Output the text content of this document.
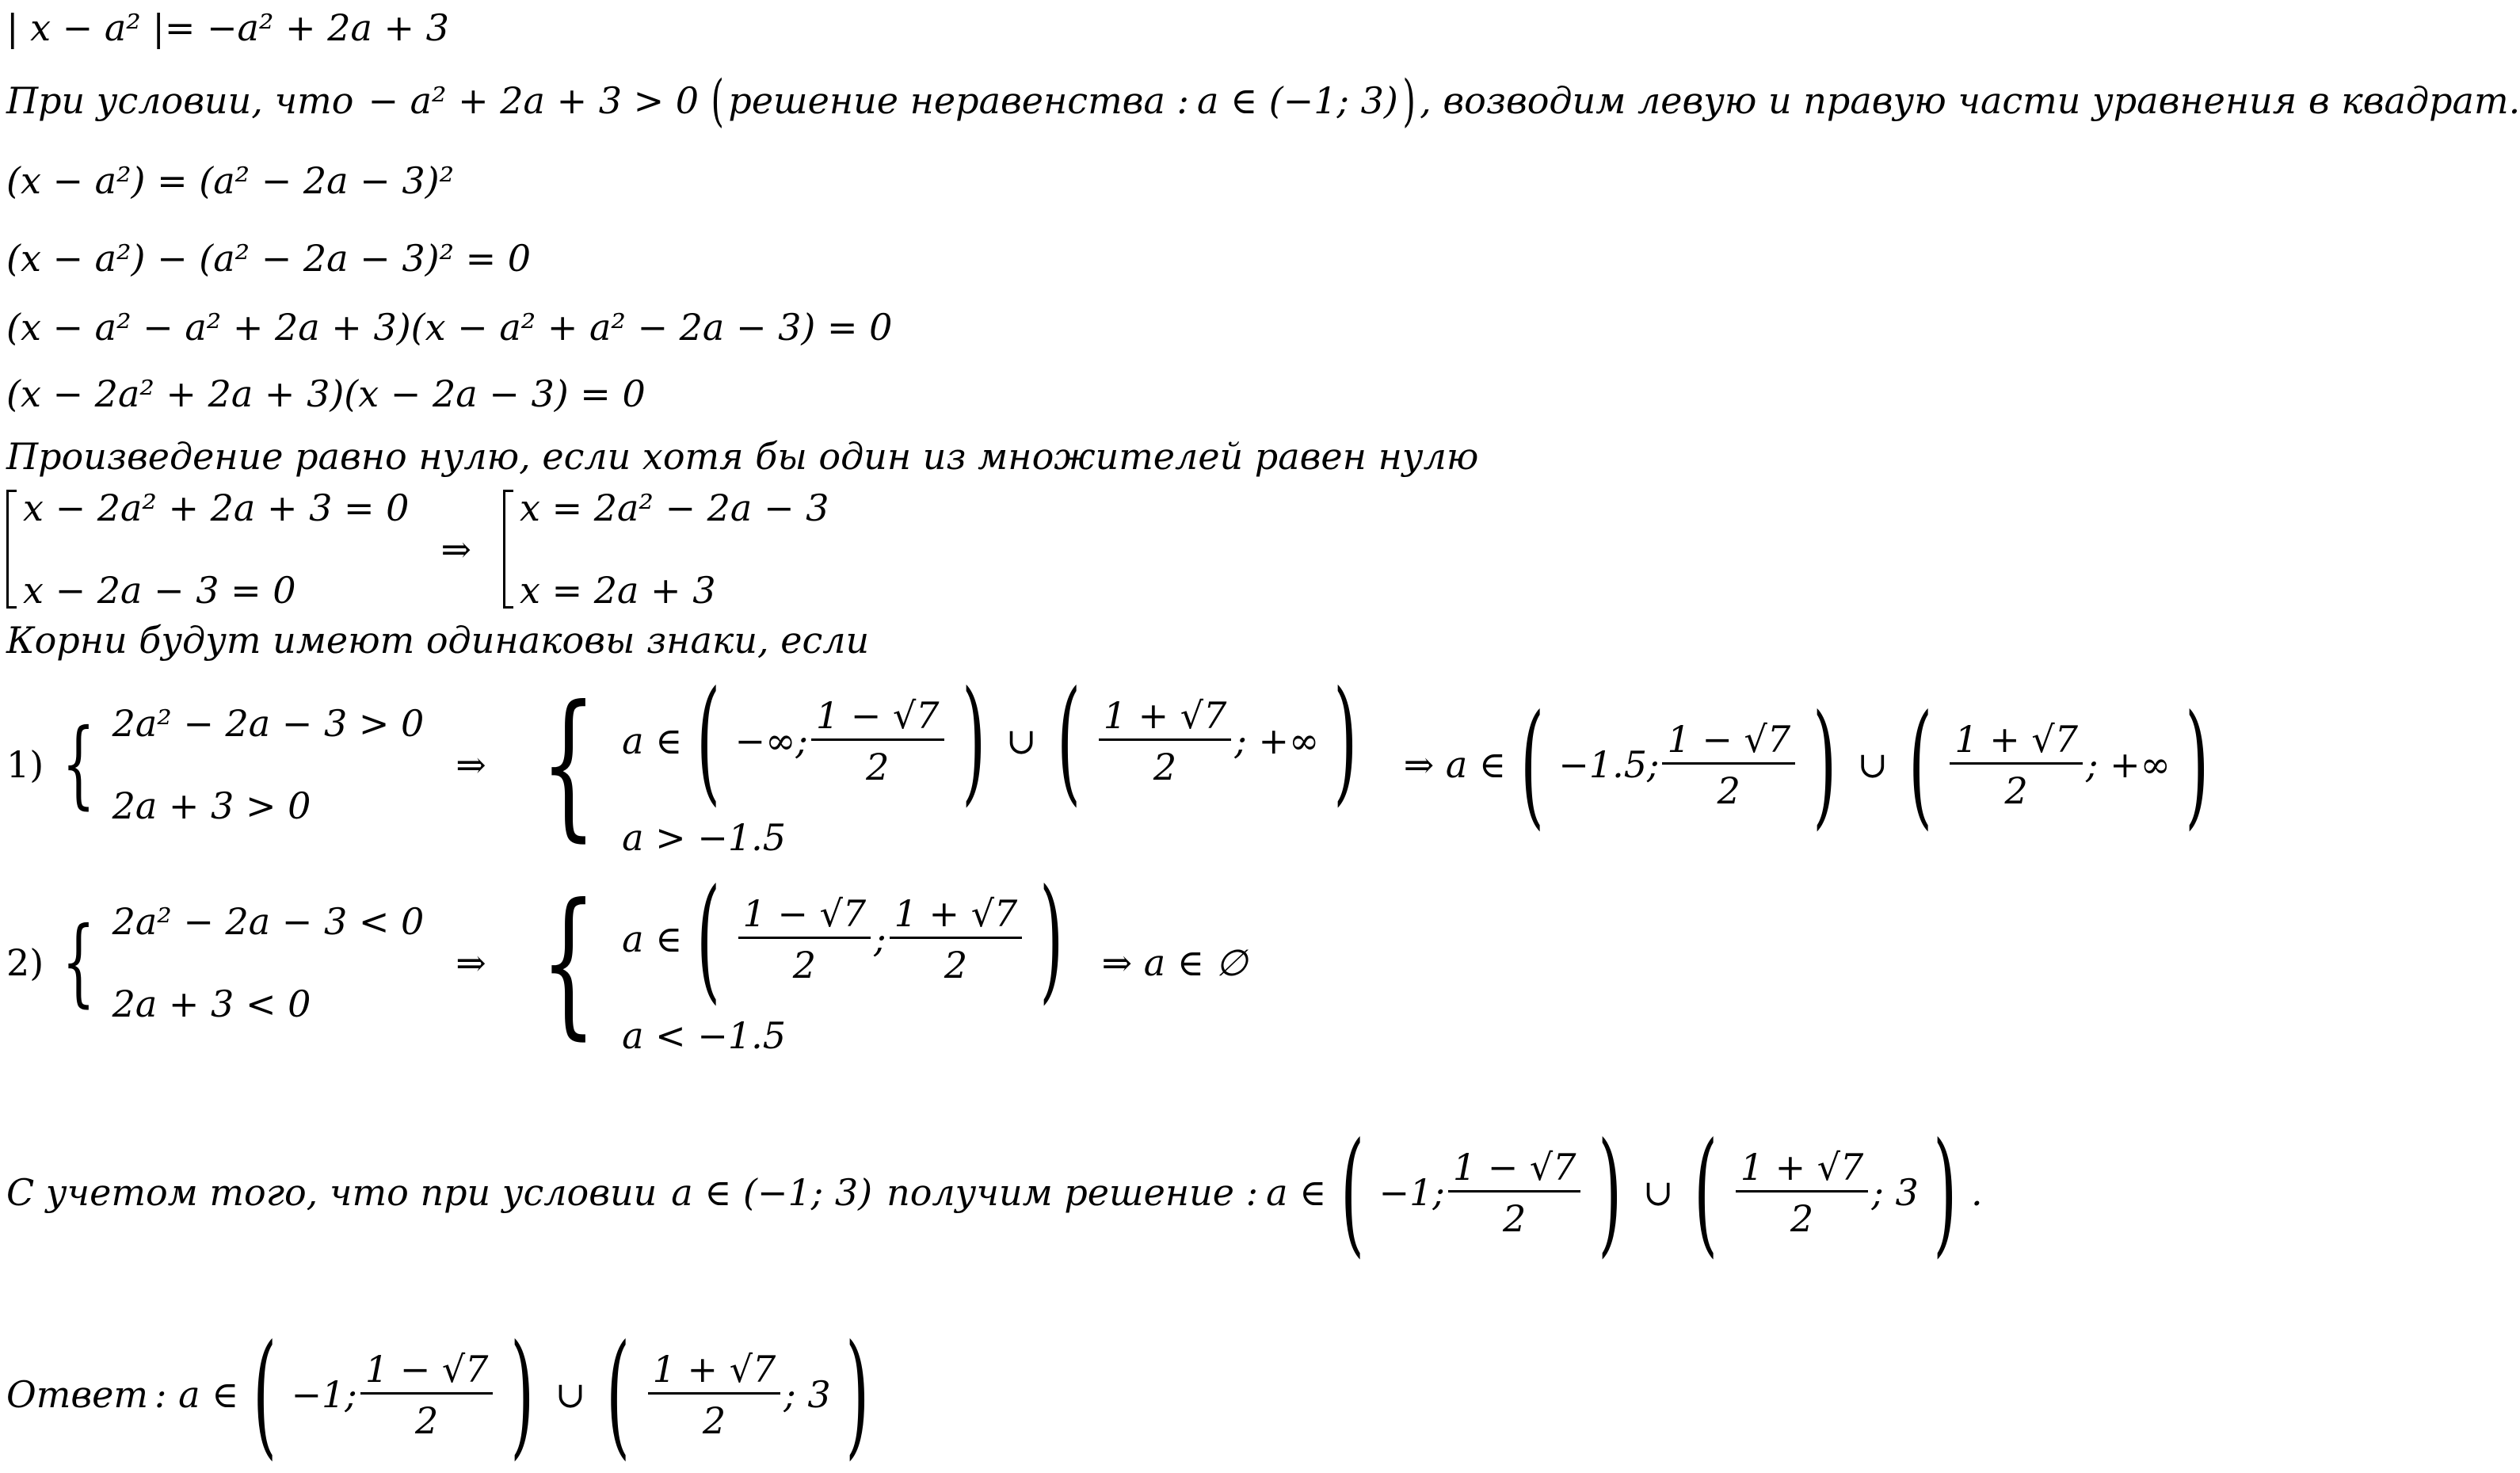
| x − a² |= −a² + 2a + 3
При условии, что − a² + 2a + 3 > 0 ( решение неравенства : a ∈ (−1; 3) ) , возводим левую и правую части уравнения в квадрат.
(x − a²) = (a² − 2a − 3)²
(x − a²) − (a² − 2a − 3)² = 0
(x − a² − a² + 2a + 3)(x − a² + a² − 2a − 3) = 0
(x − 2a² + 2a + 3)(x − 2a − 3) = 0
Произведение равно нулю, если хотя бы один из множителей равен нулю
x − 2a² + 2a + 3 = 0
x − 2a − 3 = 0
⇒
x = 2a² − 2a − 3
x = 2a + 3
Корни будут имеют одинаковы знаки, если
1) { 2a² − 2a − 3 > 0
2a + 3 > 0
⇒ { a ∈ ( −∞; $\frac{1 - √7}{2}$ ) ∪ ( $\frac{1 + √7}{2}$ ; +∞ )
a > −1.5
⇒ a ∈ ( −1.5; $\frac{1 - √7}{2}$ ) ∪ ( $\frac{1 + √7}{2}$ ; +∞ )
2) { 2a² − 2a − 3 < 0
2a + 3 < 0
⇒ { a ∈ ( $\frac{1 - √7}{2}$ ; $\frac{1 + √7}{2}$ )
a < −1.5
⇒ a ∈ ∅
С учетом того, что при условии a ∈ (−1; 3) получим решение : a ∈ ( −1; $\frac{1 - √7}{2}$ ) ∪ ( $\frac{1 + √7}{2}$ ; 3 ) .
Ответ : a ∈ ( −1; $\frac{1 - √7}{2}$ ) ∪ ( $\frac{1 + √7}{2}$ ; 3 )
